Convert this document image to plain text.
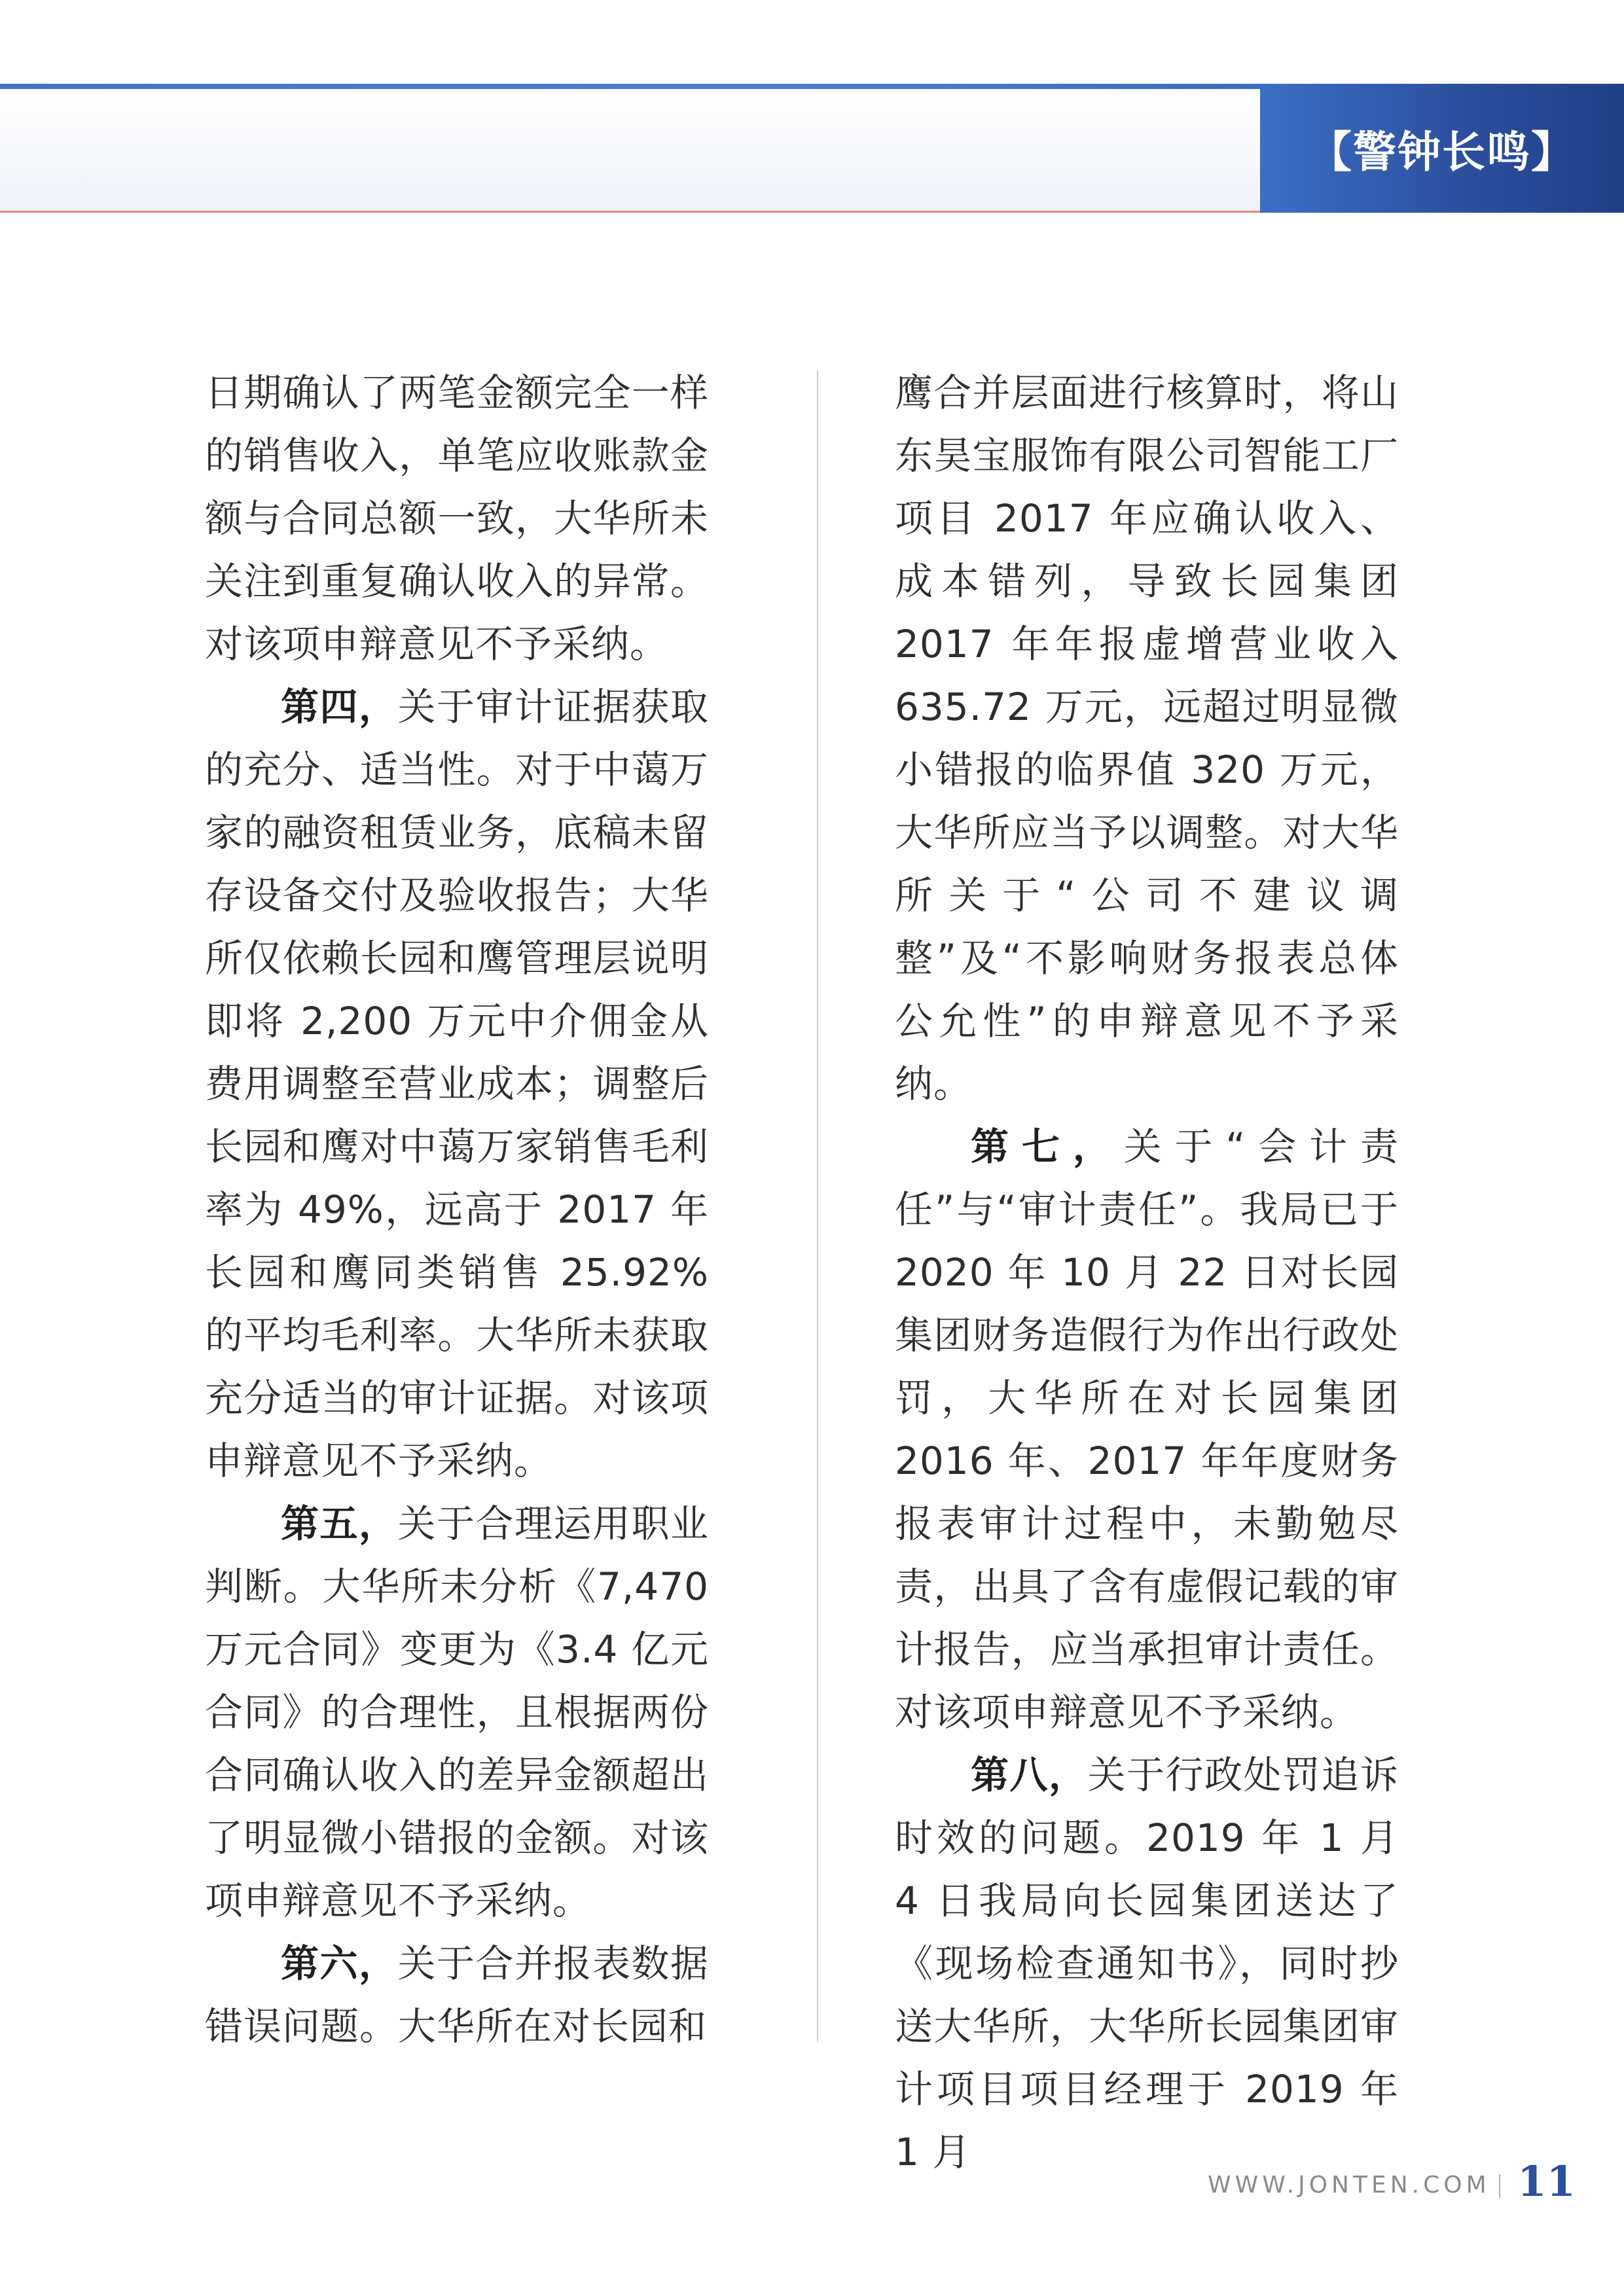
【警钟长鸣】

日期确认了两笔金额完全一样的销售收入，单笔应收账款金额与合同总额一致，大华所未关注到重复确认收入的异常。对该项申辩意见不予采纳。

第四，关于审计证据获取的充分、适当性。对于中蔼万家的融资租赁业务，底稿未留存设备交付及验收报告；大华所仅依赖长园和鹰管理层说明即将 2,200 万元中介佣金从费用调整至营业成本；调整后长园和鹰对中蔼万家销售毛利率为 49%，远高于 2017 年长园和鹰同类销售 25.92% 的平均毛利率。大华所未获取充分适当的审计证据。对该项申辩意见不予采纳。

第五，关于合理运用职业判断。大华所未分析《7,470 万元合同》变更为《3.4 亿元合同》的合理性，且根据两份合同确认收入的差异金额超出了明显微小错报的金额。对该项申辩意见不予采纳。

第六，关于合并报表数据错误问题。大华所在对长园和

鹰合并层面进行核算时，将山东昊宝服饰有限公司智能工厂项目 2017 年应确认收入、成本错列，导致长园集团 2017 年年报虚增营业收入 635.72 万元，远超过明显微小错报的临界值 320 万元，大华所应当予以调整。对大华所关于“公司不建议调整”及“不影响财务报表总体公允性”的申辩意见不予采纳。

第七，关于“会计责任”与“审计责任”。我局已于 2020 年 10 月 22 日对长园集团财务造假行为作出行政处罚，大华所在对长园集团 2016 年、2017 年年度财务报表审计过程中，未勤勉尽责，出具了含有虚假记载的审计报告，应当承担审计责任。对该项申辩意见不予采纳。

第八，关于行政处罚追诉时效的问题。2019 年 1 月 4 日我局向长园集团送达了《现场检查通知书》，同时抄送大华所，大华所长园集团审计项目项目经理于 2019 年 1 月

WWW.JONTEN.COM 11
